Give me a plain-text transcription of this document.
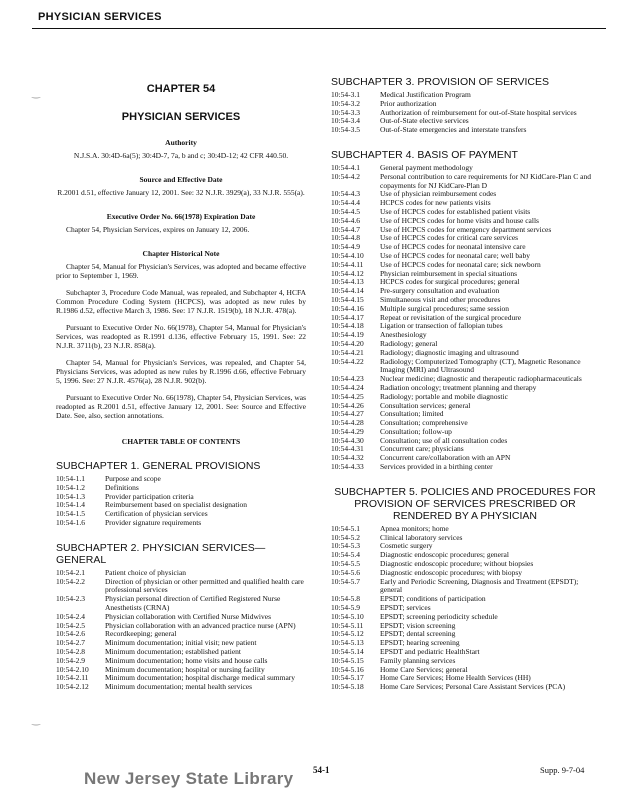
PHYSICIAN SERVICES
‿
‿
CHAPTER 54
PHYSICIAN SERVICES
Authority
N.J.S.A. 30:4D-6a(5); 30:4D-7, 7a, b and c; 30:4D-12; 42 CFR 440.50.
Source and Effective Date
R.2001 d.51, effective January 12, 2001. See: 32 N.J.R. 3929(a), 33 N.J.R. 555(a).
Executive Order No. 66(1978) Expiration Date
Chapter 54, Physician Services, expires on January 12, 2006.
Chapter Historical Note
Chapter 54, Manual for Physician's Services, was adopted and became effective prior to September 1, 1969.
Subchapter 3, Procedure Code Manual, was repealed, and Subchapter 4, HCFA Common Procedure Coding System (HCPCS), was adopted as new rules by R.1986 d.52, effective March 3, 1986. See: 17 N.J.R. 1519(b), 18 N.J.R. 478(a).
Pursuant to Executive Order No. 66(1978), Chapter 54, Manual for Physician's Services, was readopted as R.1991 d.136, effective February 15, 1991. See: 22 N.J.R. 3711(b), 23 N.J.R. 858(a).
Chapter 54, Manual for Physician's Services, was repealed, and Chapter 54, Physicians Services, was adopted as new rules by R.1996 d.66, effective February 5, 1996. See: 27 N.J.R. 4576(a), 28 N.J.R. 902(b).
Pursuant to Executive Order No. 66(1978), Chapter 54, Physician Services, was readopted as R.2001 d.51, effective January 12, 2001. See: Source and Effective Date. See, also, section annotations.
CHAPTER TABLE OF CONTENTS
SUBCHAPTER 1. GENERAL PROVISIONS
10:54-1.1	Purpose and scope
10:54-1.2	Definitions
10:54-1.3	Provider participation criteria
10:54-1.4	Reimbursement based on specialist designation
10:54-1.5	Certification of physician services
10:54-1.6	Provider signature requirements
SUBCHAPTER 2. PHYSICIAN SERVICES—GENERAL
10:54-2.1	Patient choice of physician
10:54-2.2	Direction of physician or other permitted and qualified health care professional services
10:54-2.3	Physician personal direction of Certified Registered Nurse Anesthetists (CRNA)
10:54-2.4	Physician collaboration with Certified Nurse Midwives
10:54-2.5	Physician collaboration with an advanced practice nurse (APN)
10:54-2.6	Recordkeeping; general
10:54-2.7	Minimum documentation; initial visit; new patient
10:54-2.8	Minimum documentation; established patient
10:54-2.9	Minimum documentation; home visits and house calls
10:54-2.10	Minimum documentation; hospital or nursing facility
10:54-2.11	Minimum documentation; hospital discharge medical summary
10:54-2.12	Minimum documentation; mental health services
SUBCHAPTER 3. PROVISION OF SERVICES
10:54-3.1	Medical Justification Program
10:54-3.2	Prior authorization
10:54-3.3	Authorization of reimbursement for out-of-State hospital services
10:54-3.4	Out-of-State elective services
10:54-3.5	Out-of-State emergencies and interstate transfers
SUBCHAPTER 4. BASIS OF PAYMENT
10:54-4.1	General payment methodology
10:54-4.2	Personal contribution to care requirements for NJ KidCare-Plan C and copayments for NJ KidCare-Plan D
10:54-4.3	Use of physician reimbursement codes
10:54-4.4	HCPCS codes for new patients visits
10:54-4.5	Use of HCPCS codes for established patient visits
10:54-4.6	Use of HCPCS codes for home visits and house calls
10:54-4.7	Use of HCPCS codes for emergency department services
10:54-4.8	Use of HCPCS codes for critical care services
10:54-4.9	Use of HCPCS codes for neonatal intensive care
10:54-4.10	Use of HCPCS codes for neonatal care; well baby
10:54-4.11	Use of HCPCS codes for neonatal care; sick newborn
10:54-4.12	Physician reimbursement in special situations
10:54-4.13	HCPCS codes for surgical procedures; general
10:54-4.14	Pre-surgery consultation and evaluation
10:54-4.15	Simultaneous visit and other procedures
10:54-4.16	Multiple surgical procedures; same session
10:54-4.17	Repeat or revisitation of the surgical procedure
10:54-4.18	Ligation or transection of fallopian tubes
10:54-4.19	Anesthesiology
10:54-4.20	Radiology; general
10:54-4.21	Radiology; diagnostic imaging and ultrasound
10:54-4.22	Radiology; Computerized Tomography (CT), Magnetic Resonance Imaging (MRI) and Ultrasound
10:54-4.23	Nuclear medicine; diagnostic and therapeutic radiopharmaceuticals
10:54-4.24	Radiation oncology; treatment planning and therapy
10:54-4.25	Radiology; portable and mobile diagnostic
10:54-4.26	Consultation services; general
10:54-4.27	Consultation; limited
10:54-4.28	Consultation; comprehensive
10:54-4.29	Consultation; follow-up
10:54-4.30	Consultation; use of all consultation codes
10:54-4.31	Concurrent care; physicians
10:54-4.32	Concurrent care/collaboration with an APN
10:54-4.33	Services provided in a birthing center
SUBCHAPTER 5. POLICIES AND PROCEDURES FOR PROVISION OF SERVICES PRESCRIBED OR RENDERED BY A PHYSICIAN
10:54-5.1	Apnea monitors; home
10:54-5.2	Clinical laboratory services
10:54-5.3	Cosmetic surgery
10:54-5.4	Diagnostic endoscopic procedures; general
10:54-5.5	Diagnostic endoscopic procedure; without biopsies
10:54-5.6	Diagnostic endoscopic procedures; with biopsy
10:54-5.7	Early and Periodic Screening, Diagnosis and Treatment (EPSDT); general
10:54-5.8	EPSDT; conditions of participation
10:54-5.9	EPSDT; services
10:54-5.10	EPSDT; screening periodicity schedule
10:54-5.11	EPSDT; vision screening
10:54-5.12	EPSDT; dental screening
10:54-5.13	EPSDT; hearing screening
10:54-5.14	EPSDT and pediatric HealthStart
10:54-5.15	Family planning services
10:54-5.16	Home Care Services; general
10:54-5.17	Home Care Services; Home Health Services (HH)
10:54-5.18	Home Care Services; Personal Care Assistant Services (PCA)
New Jersey State Library 54-1	Supp. 9-7-04
